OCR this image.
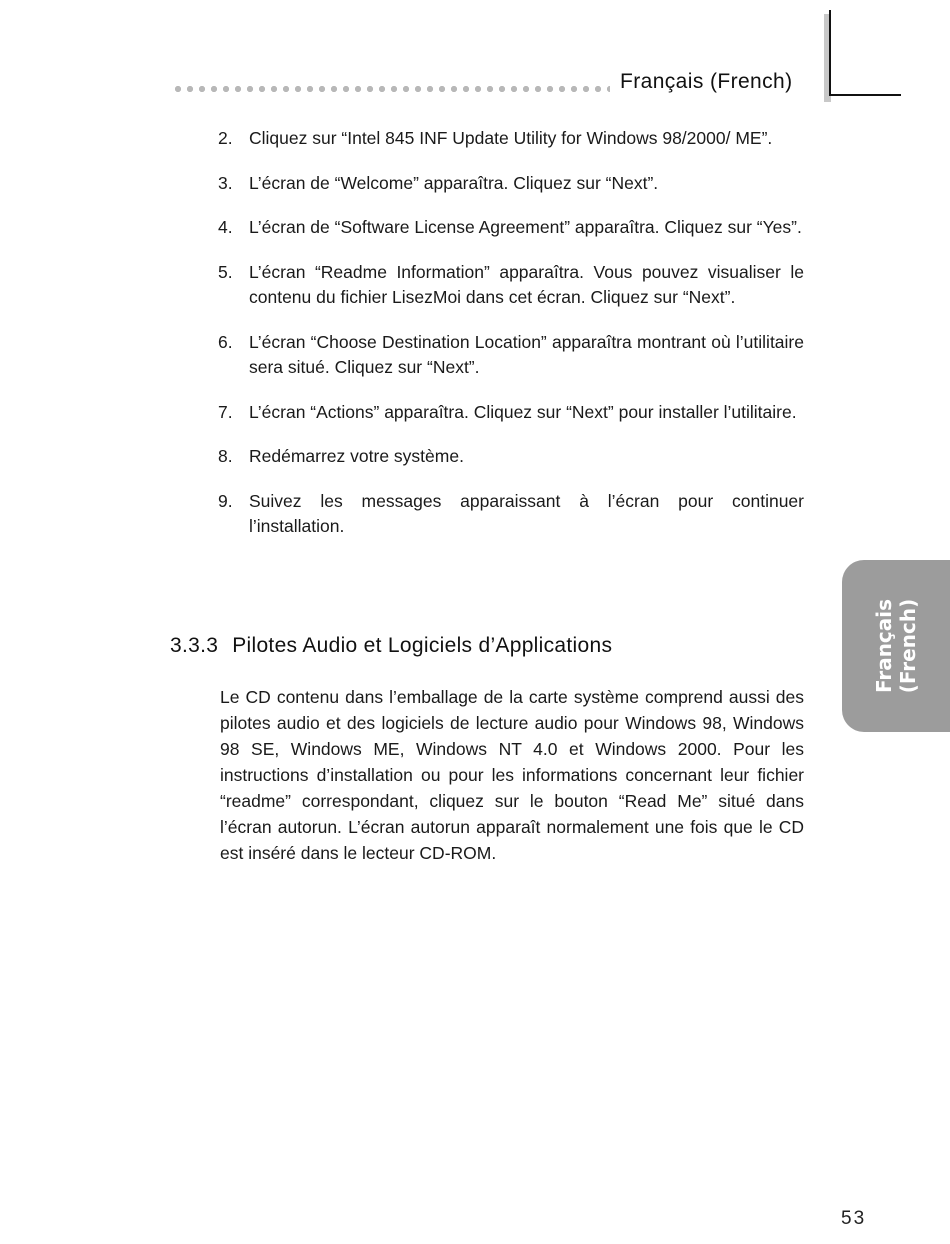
Français (French)
2. Cliquez sur “Intel 845 INF Update Utility for Windows 98/2000/ ME”.
3. L’écran de “Welcome” apparaîtra. Cliquez sur “Next”.
4. L’écran de “Software License Agreement” apparaîtra. Cliquez sur “Yes”.
5. L’écran “Readme Information” apparaîtra. Vous pouvez visualiser le contenu du fichier LisezMoi dans cet écran. Cliquez sur “Next”.
6. L’écran “Choose Destination Location” apparaîtra montrant où l’utilitaire sera situé. Cliquez sur “Next”.
7. L’écran “Actions” apparaîtra. Cliquez sur “Next” pour installer l’utilitaire.
8. Redémarrez votre système.
9. Suivez les messages apparaissant à l’écran pour continuer l’installation.
3.3.3 Pilotes Audio et Logiciels d’Applications

Le CD contenu dans l’emballage de la carte système comprend aussi des pilotes audio et des logiciels de lecture audio pour Windows 98, Windows 98 SE, Windows ME, Windows NT 4.0 et Windows 2000. Pour les instructions d’installation ou pour les informations concernant leur fichier “readme” correspondant, cliquez sur le bouton “Read Me” situé dans l’écran autorun. L’écran autorun apparaît normalement une fois que le CD est inséré dans le lecteur CD-ROM.

Français (French)
53
